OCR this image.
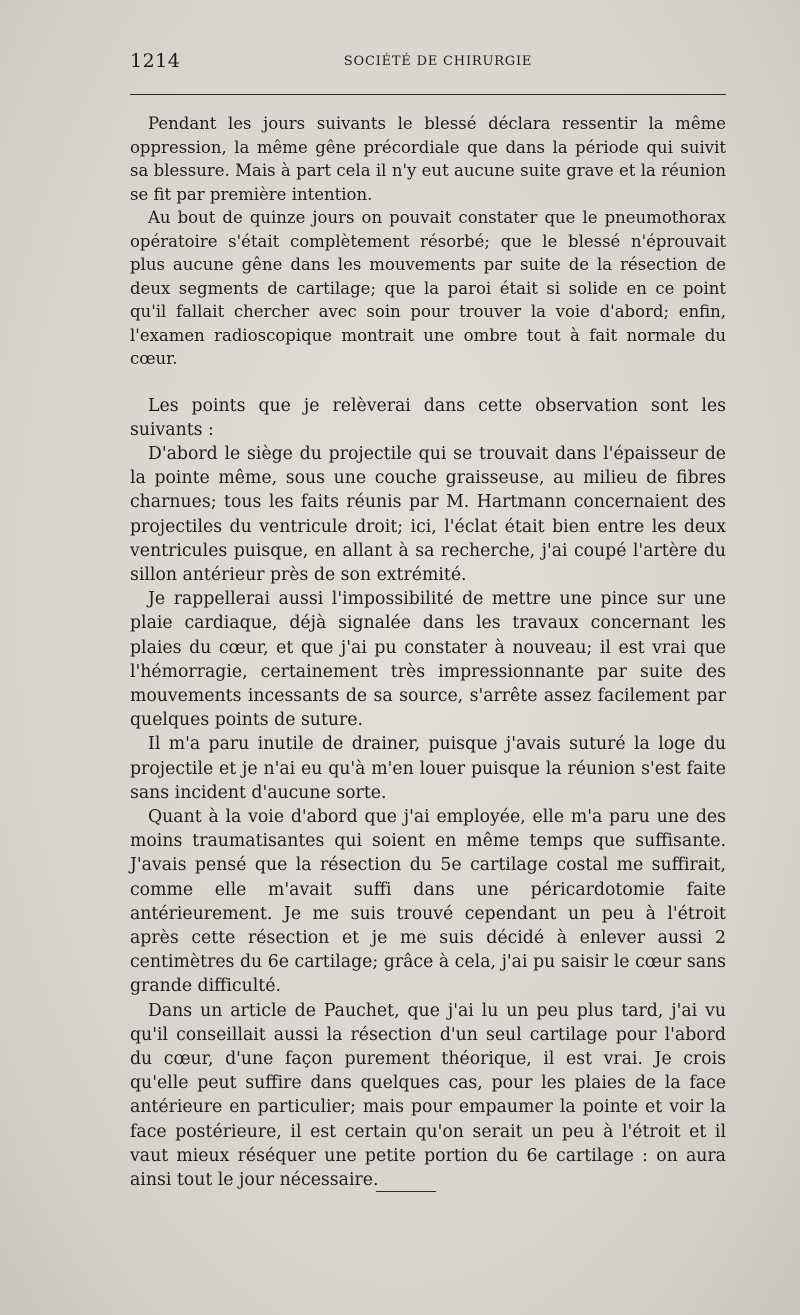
1214	SOCIÉTÉ DE CHIRURGIE

Pendant les jours suivants le blessé déclara ressentir la même oppression, la même gêne précordiale que dans la période qui suivit sa blessure. Mais à part cela il n'y eut aucune suite grave et la réunion se fit par première intention.

Au bout de quinze jours on pouvait constater que le pneumothorax opératoire s'était complètement résorbé; que le blessé n'éprouvait plus aucune gêne dans les mouvements par suite de la résection de deux segments de cartilage; que la paroi était si solide en ce point qu'il fallait chercher avec soin pour trouver la voie d'abord; enfin, l'examen radioscopique montrait une ombre tout à fait normale du cœur.

Les points que je relèverai dans cette observation sont les suivants :

D'abord le siège du projectile qui se trouvait dans l'épaisseur de la pointe même, sous une couche graisseuse, au milieu de fibres charnues; tous les faits réunis par M. Hartmann concernaient des projectiles du ventricule droit; ici, l'éclat était bien entre les deux ventricules puisque, en allant à sa recherche, j'ai coupé l'artère du sillon antérieur près de son extrémité.

Je rappellerai aussi l'impossibilité de mettre une pince sur une plaie cardiaque, déjà signalée dans les travaux concernant les plaies du cœur, et que j'ai pu constater à nouveau; il est vrai que l'hémorragie, certainement très impressionnante par suite des mouvements incessants de sa source, s'arrête assez facilement par quelques points de suture.

Il m'a paru inutile de drainer, puisque j'avais suturé la loge du projectile et je n'ai eu qu'à m'en louer puisque la réunion s'est faite sans incident d'aucune sorte.

Quant à la voie d'abord que j'ai employée, elle m'a paru une des moins traumatisantes qui soient en même temps que suffisante. J'avais pensé que la résection du 5e cartilage costal me suffirait, comme elle m'avait suffi dans une péricardotomie faite antérieurement. Je me suis trouvé cependant un peu à l'étroit après cette résection et je me suis décidé à enlever aussi 2 centimètres du 6e cartilage; grâce à cela, j'ai pu saisir le cœur sans grande difficulté.

Dans un article de Pauchet, que j'ai lu un peu plus tard, j'ai vu qu'il conseillait aussi la résection d'un seul cartilage pour l'abord du cœur, d'une façon purement théorique, il est vrai. Je crois qu'elle peut suffire dans quelques cas, pour les plaies de la face antérieure en particulier; mais pour empaumer la pointe et voir la face postérieure, il est certain qu'on serait un peu à l'étroit et il vaut mieux réséquer une petite portion du 6e cartilage : on aura ainsi tout le jour nécessaire.
